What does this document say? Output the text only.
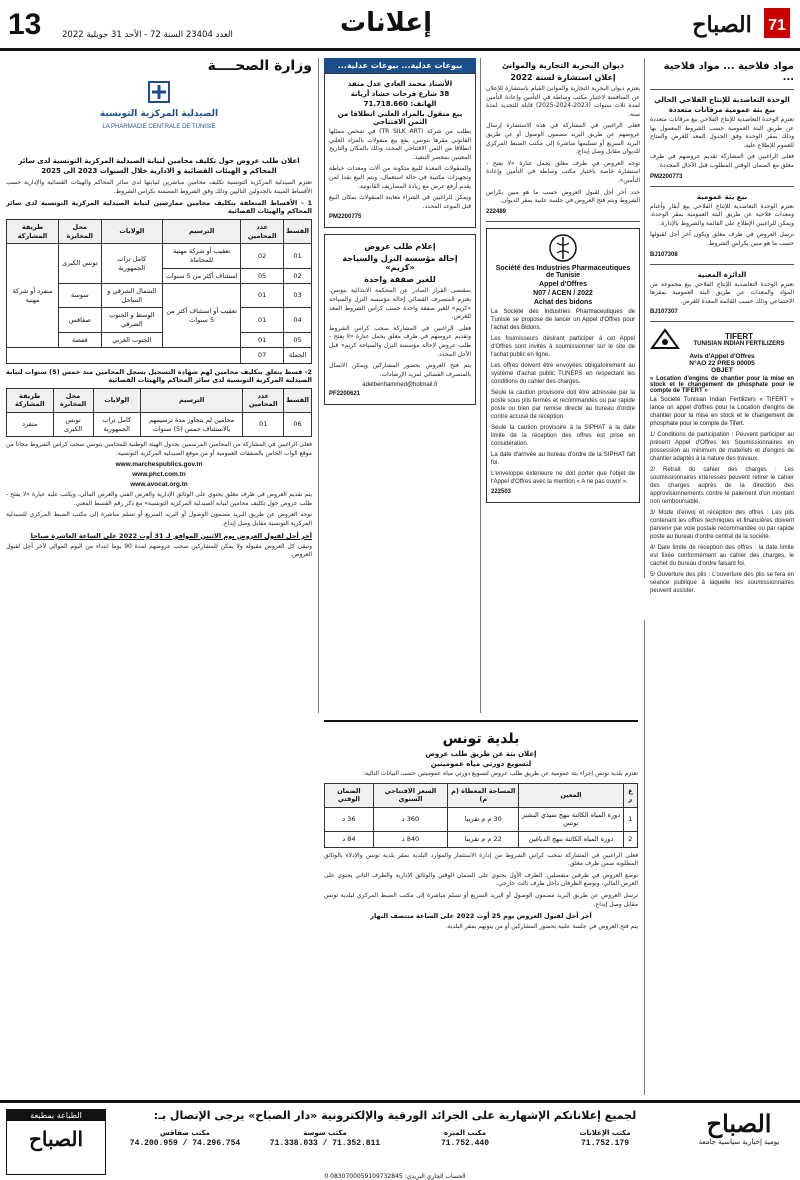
13 العدد 23404 السنة 72 - الأحد 31 جويلية 2022	إعلانات	71
الصباح
مواد فلاحية ... مواد فلاحية ...
الوحدة التعاضدية للإنتاج الفلاحي الحالي
بيع بتة عمومية مرقانات متعددة

تعتزم الوحدة التعاضدية للإنتاج الفلاحي بيع مرقانات متعددة عن طريق البتة العمومية حسب الشروط المعمول بها وذلك بمقر الوحدة وفق الجدول المعد للغرض والمتاح للعموم للإطلاع عليه.

فعلى الراغبين في المشاركة تقديم عروضهم في ظرف مغلق مع الضمان الوقتي المطلوب قبل الآجال المحددة.

PM2200773

بيع بتة عمومية

تعتزم الوحدة التعاضدية للإنتاج الفلاحي بيع أبقار وأغنام ومعدات فلاحية عن طريق البتة العمومية بمقر الوحدة، ويمكن للراغبين الإطلاع على القائمة والشروط بالإدارة.

ترسل العروض في ظرف مغلق ويكون آخر أجل لقبولها حسب ما هو مبين بكراس الشروط.

BJ107308

الدائرة المعنية

تعتزم الوحدة التعاضدية للإنتاج الفلاحي بيع مجموعة من المواد والمعدات عن طريق البتة العمومية بمقرها الاجتماعي وذلك حسب القائمة المعدة للغرض.

BJ107307

TIFERT
TUNISIAN INDIAN FERTILIZERS
Avis d'Appel d'Offres
N°AO 22 PRES 00005
OBJET

« Location d'engins de chantier pour la mise en stock et le changement de phosphate pour le compte de TIFERT »

La Société Tunisian Indian Fertilizers « TIFERT » lance un appel d'offres pour la Location d'engins de chantier pour la mise en stock et le changement de phosphate pour le compte de Tifert.

1/ Conditions de participation : Peuvent participer au présent Appel d'Offres les Soumissionnaires en possession au minimum de matériels et d'engins de chantier adaptés à la nature des travaux.

2/ Retrait du cahier des charges : Les soumissionnaires intéressés peuvent retirer le cahier des charges auprès de la direction des approvisionnements contre le paiement d'un montant non remboursable.

3/ Mode d'envoi et réception des offres : Les plis contenant les offres techniques et financières doivent parvenir par voie postale recommandée ou par rapide poste au bureau d'ordre central de la société.

4/ Date limite de réception des offres : la date limite est fixée conformément au cahier des charges, le cachet du bureau d'ordre faisant foi.

5/ Ouverture des plis : L'ouverture des plis se fera en séance publique à laquelle les soumissionnaires peuvent assister.

ديوان البحرية التجارية والموانئ
إعلان استشارة لسنة 2022

يعتزم ديوان البحرية التجارية والموانئ القيام باستشارة للإعلان عن المنافسة لاختيار مكتب وساطة في التأمين وإعادة التأمين لمدة ثلاث سنوات (2023-2024-2025) قابلة للتجديد لمدة سنة.

فعلى الراغبين في المشاركة في هذه الاستشارة إرسال عروضهم عن طريق البريد مضمون الوصول أو عن طريق البريد السريع أو تسليمها مباشرة إلى مكتب الضبط المركزي للديوان مقابل وصل إيداع.

توجه العروض في ظرف مغلق يحمل عبارة «لا يفتح - استشارة خاصة باختيار مكتب وساطة في التأمين وإعادة التأمين».

حدد آخر أجل لقبول العروض حسب ما هو مبين بكراس الشروط ويتم فتح العروض في جلسة علنية بمقر الديوان.

222489

Société des Industries Pharmaceutiques de Tunisie
Appel d'Offres
N07 / ACEN / 2022
Achat des bidons

La Société des Industries Pharmaceutiques de Tunisie se propose de lancer un Appel d'Offres pour l'achat des Bidons.

Les fournisseurs désirant participer à cet Appel d'Offres sont invités à soumissionner sur le site de l'achat public en ligne.

Les offres doivent être envoyées obligatoirement au système d'achat public TUNEPS en respectant les conditions du cahier des charges.

Seule la caution provisoire doit être adressée par la poste sous plis fermés et recommandés ou par rapide poste ou bien par remise directe au bureau d'ordre contre accusé de réception.

Seule la caution provisoire à la SIPHAT à la date limite de la réception des offres est prise en considération.

La date d'arrivée au bureau d'ordre de la SIPHAT fait foi.

L'enveloppe extérieure ne doit porter que l'objet de l'Appel d'Offres avec la mention « A ne pas ouvrir ».

222503

بيوعات عدلية... بيوعات عدلية...
الأستاذ محمد العادي عدل منفذ
38 شارع فرحات حشاد أريانة
الهاتف: 71.718.660
بيع منقول بالمزاد العلني انطلاقا من الثمن الافتتاحي

بطلب من شركة (TR SILK ART) في شخص ممثلها القانوني مقرها بتونس، يقع بيع منقولات بالمزاد العلني انطلاقا من الثمن الافتتاحي المحدد وذلك بالمكان والتاريخ المعينين بمحضر التنفيذ.

والمنقولات المعدة للبيع متكونة من آلات ومعدات خياطة وتجهيزات مكتبية في حالة استعمال، ويتم البيع نقدا لمن يقدم أرفع عرض مع زيادة المصاريف القانونية.

ويمكن للراغبين في الشراء معاينة المنقولات بمكان البيع قبل الموعد المحدد.

PM2200775

إعلام طلب عروض
إحالة مؤسسة النزل والسياحة «كريم»
للغير صفقة واحدة

بمقتضى القرار الصادر عن المحكمة الابتدائية بتونس، يعتزم المتصرف القضائي إحالة مؤسسة النزل والسياحة «كريم» للغير صفقة واحدة حسب كراس الشروط المعد للغرض.

فعلى الراغبين في المشاركة سحب كراس الشروط وتقديم عروضهم في ظرف مغلق يحمل عبارة «لا يفتح - طلب عروض لإحالة مؤسسة النزل والسياحة كريم» قبل الأجل المحدد.

يتم فتح العروض بحضور المشاركين ويمكن الاتصال بالمتصرف القضائي لمزيد الإرشادات.

adelbenhammed@hotmail.fr

PF2200621

وزارة الصحــــة
الصيدلية المركزية التونسية
LA PHARMACIE CENTRALE DE TUNISIE

اعلان طلب عروض حول تكليف محامين لنيابة الصيدلية المركزية التونسية لدى سائر المحاكم و الهيئات القضائية و الادارية خلال السنوات 2023 الى 2025

تعتزم الصيدلية المركزية التونسية تكليف محامين مباشرين لنيابتها لدى سائر المحاكم والهيئات القضائية والإدارية حسب الأقساط المبينة بالجدولين التاليين وذلك وفق الشروط المضمنة بكراس الشروط.

1 - الأقساط المتعلقة بتكليف محامين ممارسين لنيابة الصيدلية المركزية التونسية لدى سائر المحاكم والهيئات القضائية

القسط	عدد المحامين	الترسيم	الولايات	محل المخابرة	طريقة المشاركة
01	02	تعقيب أو شركة مهنية للمحاماة	كامل تراب الجمهورية	تونس الكبرى	منفرد أو شركة مهنية
02	05	استئناف أكثر من 5 سنوات			
03	01	تعقيب أو استئناف أكثر من 5 سنوات	الشمال الشرقي و الساحل	سوسة	
04	01		الوسط و الجنوب الشرقي	صفاقس	
05	01		الجنوب الغربي	قفصة	
الجملة	07				

2- قسط يتعلق بتكليف محامين لهم شهادة التسجيل بسجل المحامين منذ خمس (5) سنوات لنيابة الصيدلية المركزية التونسية لدى سائر المحاكم والهيئات القضائية

القسط	عدد المحامين	الترسيم	الولايات	محل المخابرة	طريقة المشاركة
06	01	محامين لم يتجاوز مدة ترسيمهم بالاستئناف خمس (5) سنوات	كامل تراب الجمهورية	تونس الكبرى	منفرد

فعلى الراغبين في المشاركة من المحامين المرسمين بجدول الهيئة الوطنية للمحامين بتونس سحب كراس الشروط مجانا من موقع الواب الخاص بالصفقات العمومية أو من موقع الصيدلية المركزية التونسية:

www.marchespublics.gov.tn

www.phct.com.tn

www.avocat.org.tn

يتم تقديم العروض في ظرف مغلق يحتوي على الوثائق الإدارية والعرض الفني والعرض المالي، ويكتب عليه عبارة «لا يفتح - طلب عروض حول تكليف محامين لنيابة الصيدلية المركزية التونسية» مع ذكر رقم القسط المعني.

توجه العروض عن طريق البريد مضمون الوصول أو البريد السريع أو تسلم مباشرة إلى مكتب الضبط المركزي للصيدلية المركزية التونسية مقابل وصل إيداع.

آخر أجل لقبول العروض يوم الاثنين الموافق لـ 31 أوت 2022 على الساعة العاشرة صباحا

وتبقى كل العروض مقبولة ولا يمكن للمشاركين سحب عروضهم لمدة 90 يوما ابتداء من اليوم الموالي لآخر أجل لقبول العروض.

بلدية تونس
إعلان بتة عن طريق طلب عروض
لتسويغ دورتي مياه عموميتين

تعتزم بلدية تونس إجراء بتة عمومية عن طريق طلب عروض لتسويغ دورتي مياه عموميتين حسب البيانات التالية:

ع ر	المعين	المساحة المعطاة (م م)	السعر الافتتاحي السنوي	الضمان الوقتي
1	دورة المياه الكائنة بنهج سيدي البشير تونس	30 م م تقريبا	360 د	36 د
2	دورة المياه الكائنة بنهج الدباغين	22 م م تقريبا	840 د	84 د

فعلى الراغبين في المشاركة سحب كراس الشروط من إدارة الاستثمار والموارد البلدية بمقر بلدية تونس والإدلاء بالوثائق المطلوبة ضمن ظرف مغلق.

توضع العروض في ظرفين منفصلين: الظرف الأول يحتوي على الضمان الوقتي والوثائق الإدارية والظرف الثاني يحتوي على العرض المالي، ويوضع الظرفان داخل ظرف ثالث خارجي.

ترسل العروض عن طريق البريد مضمون الوصول أو البريد السريع أو تسلم مباشرة إلى مكتب الضبط المركزي لبلدية تونس مقابل وصل إيداع.

آخر أجل لقبول العروض يوم 25 أوت 2022 على الساعة منتصف النهار

يتم فتح العروض في جلسة علنية بحضور المشاركين أو من ينوبهم بمقر البلدية.

الطباعة بمطبعة
الصباح
لجميع إعلاناتكم الإشهارية على الجرائد الورقية والإلكترونية «دار الصباح» يرجى الإتصال بـ:
مكتب الإعلانات
71.752.179
مكتب المنزه
71.752.440
مكتب سوسة
71.338.033 / 71.352.811
مكتب صفاقس
74.200.959 / 74.296.754
الصباح
يومية إخبارية سياسية جامعة
الحساب الجاري البريدي: 0830700059109732845 0
